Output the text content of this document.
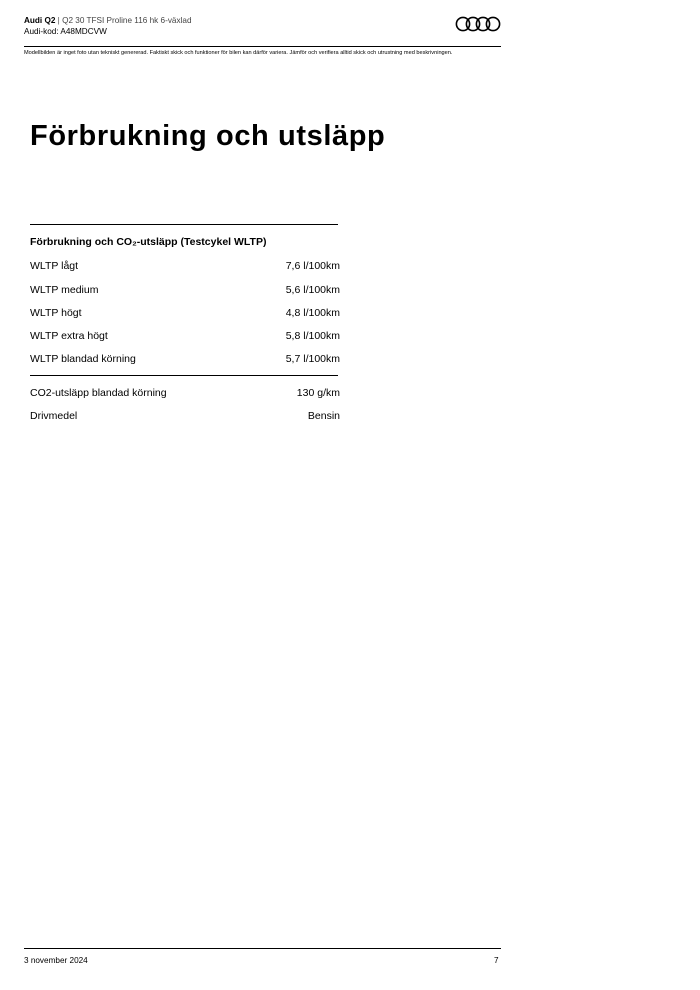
Audi Q2 | Q2 30 TFSI Proline 116 hk 6-växlad
Audi-kod: A48MDCVW
Modellbilden är inget foto utan tekniskt genererad. Faktiskt skick och funktioner för bilen kan därför variera. Jämför och verifiera alltid skick och utrustning med beskrivningen.
Förbrukning och utsläpp
Förbrukning och CO₂-utsläpp (Testcykel WLTP)
WLTP lågt	7,6 l/100km
WLTP medium	5,6 l/100km
WLTP högt	4,8 l/100km
WLTP extra högt	5,8 l/100km
WLTP blandad körning	5,7 l/100km
CO2-utsläpp blandad körning	130 g/km
Drivmedel	Bensin
3 november 2024	7
